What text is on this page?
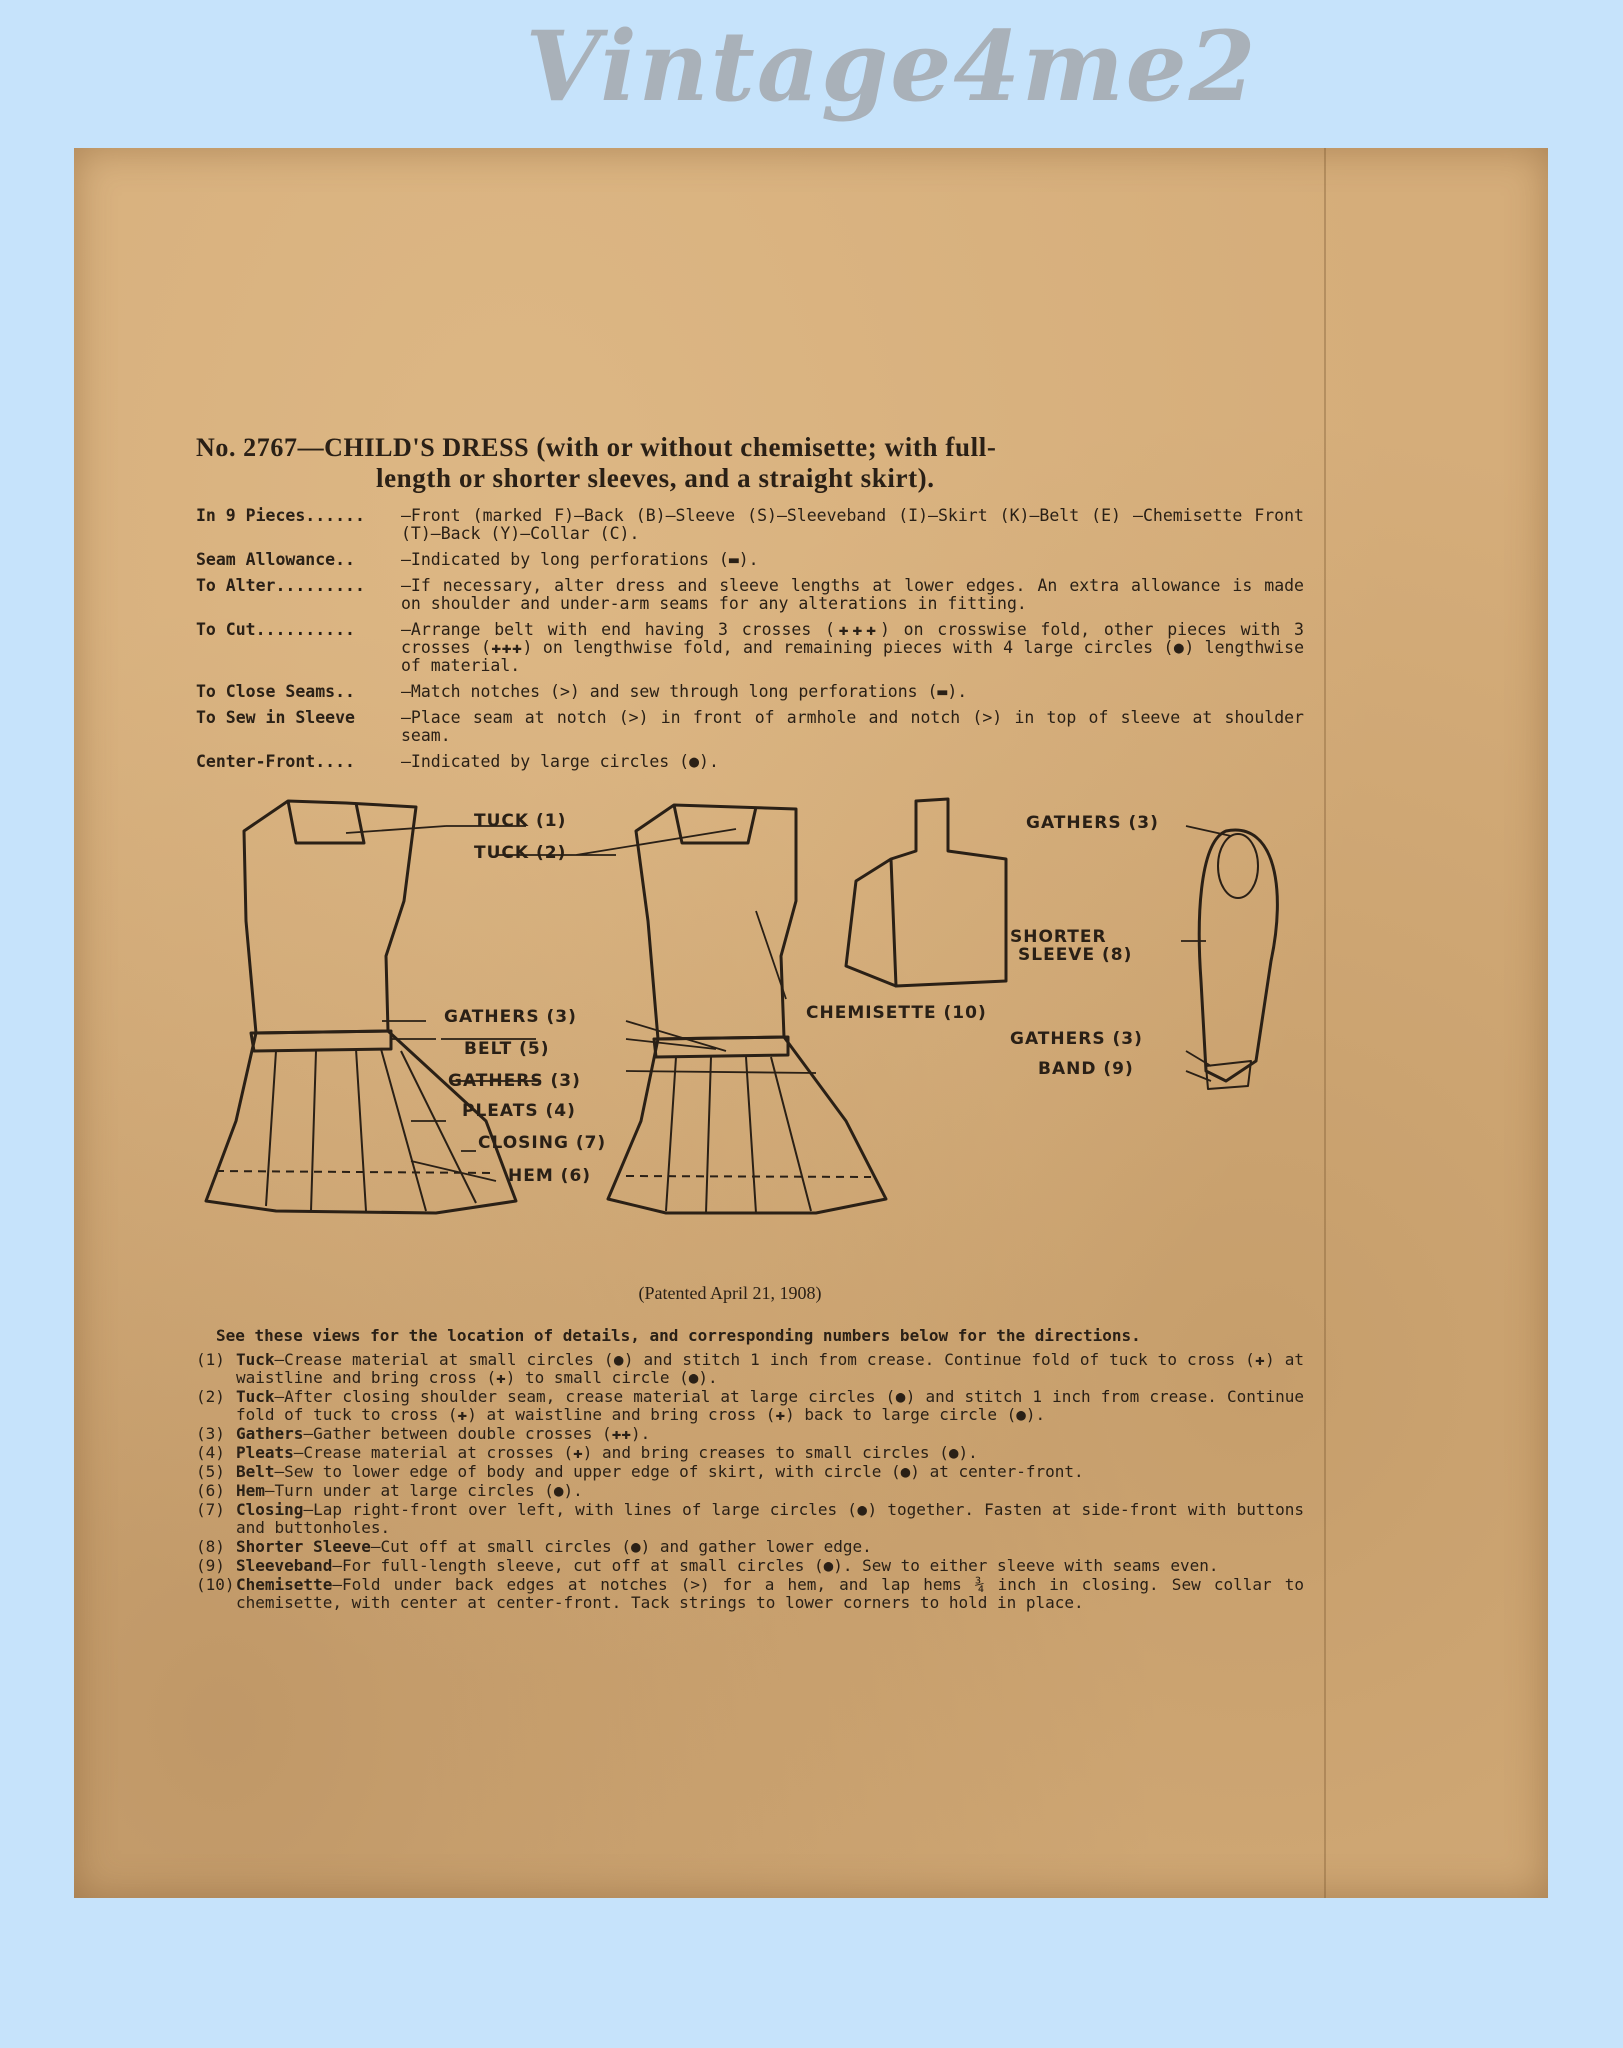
Vintage4me2
No. 2767—CHILD'S DRESS (with or without chemisette; with full-
length or shorter sleeves, and a straight skirt).
In 9 Pieces......	—Front (marked F)—Back (B)—Sleeve (S)—Sleeveband (I)—Skirt (K)—Belt (E) —Chemisette Front (T)—Back (Y)—Collar (C).
Seam Allowance..	—Indicated by long perforations (▬).
To Alter.........	—If necessary, alter dress and sleeve lengths at lower edges. An extra allowance is made on shoulder and under-arm seams for any alterations in fitting.
To Cut..........	—Arrange belt with end having 3 crosses (✚✚✚) on crosswise fold, other pieces with 3 crosses (✚✚✚) on lengthwise fold, and remaining pieces with 4 large circles (●) lengthwise of material.
To Close Seams..	—Match notches (>) and sew through long perforations (▬).
To Sew in Sleeve	—Place seam at notch (>) in front of armhole and notch (>) in top of sleeve at shoulder seam.
Center-Front....	—Indicated by large circles (●).
TUCK (1)
TUCK (2)
GATHERS (3)
BELT (5)
GATHERS (3)
PLEATS (4)
CLOSING (7)
HEM (6)
CHEMISETTE (10)
GATHERS (3)
SHORTER
SLEEVE (8)
GATHERS (3)
BAND (9)
(Patented April 21, 1908)
See these views for the location of details, and corresponding numbers below for the directions.
(1) Tuck—Crease material at small circles (●) and stitch 1 inch from crease. Continue fold of tuck to cross (✚) at waistline and bring cross (✚) to small circle (●).
(2) Tuck—After closing shoulder seam, crease material at large circles (●) and stitch 1 inch from crease. Continue fold of tuck to cross (✚) at waistline and bring cross (✚) back to large circle (●).
(3) Gathers—Gather between double crosses (✚✚).
(4) Pleats—Crease material at crosses (✚) and bring creases to small circles (●).
(5) Belt—Sew to lower edge of body and upper edge of skirt, with circle (●) at center-front.
(6) Hem—Turn under at large circles (●).
(7) Closing—Lap right-front over left, with lines of large circles (●) together. Fasten at side-front with buttons and buttonholes.
(8) Shorter Sleeve—Cut off at small circles (●) and gather lower edge.
(9) Sleeveband—For full-length sleeve, cut off at small circles (●). Sew to either sleeve with seams even.
(10) Chemisette—Fold under back edges at notches (>) for a hem, and lap hems ¾ inch in closing. Sew collar to chemisette, with center at center-front. Tack strings to lower corners to hold in place.
